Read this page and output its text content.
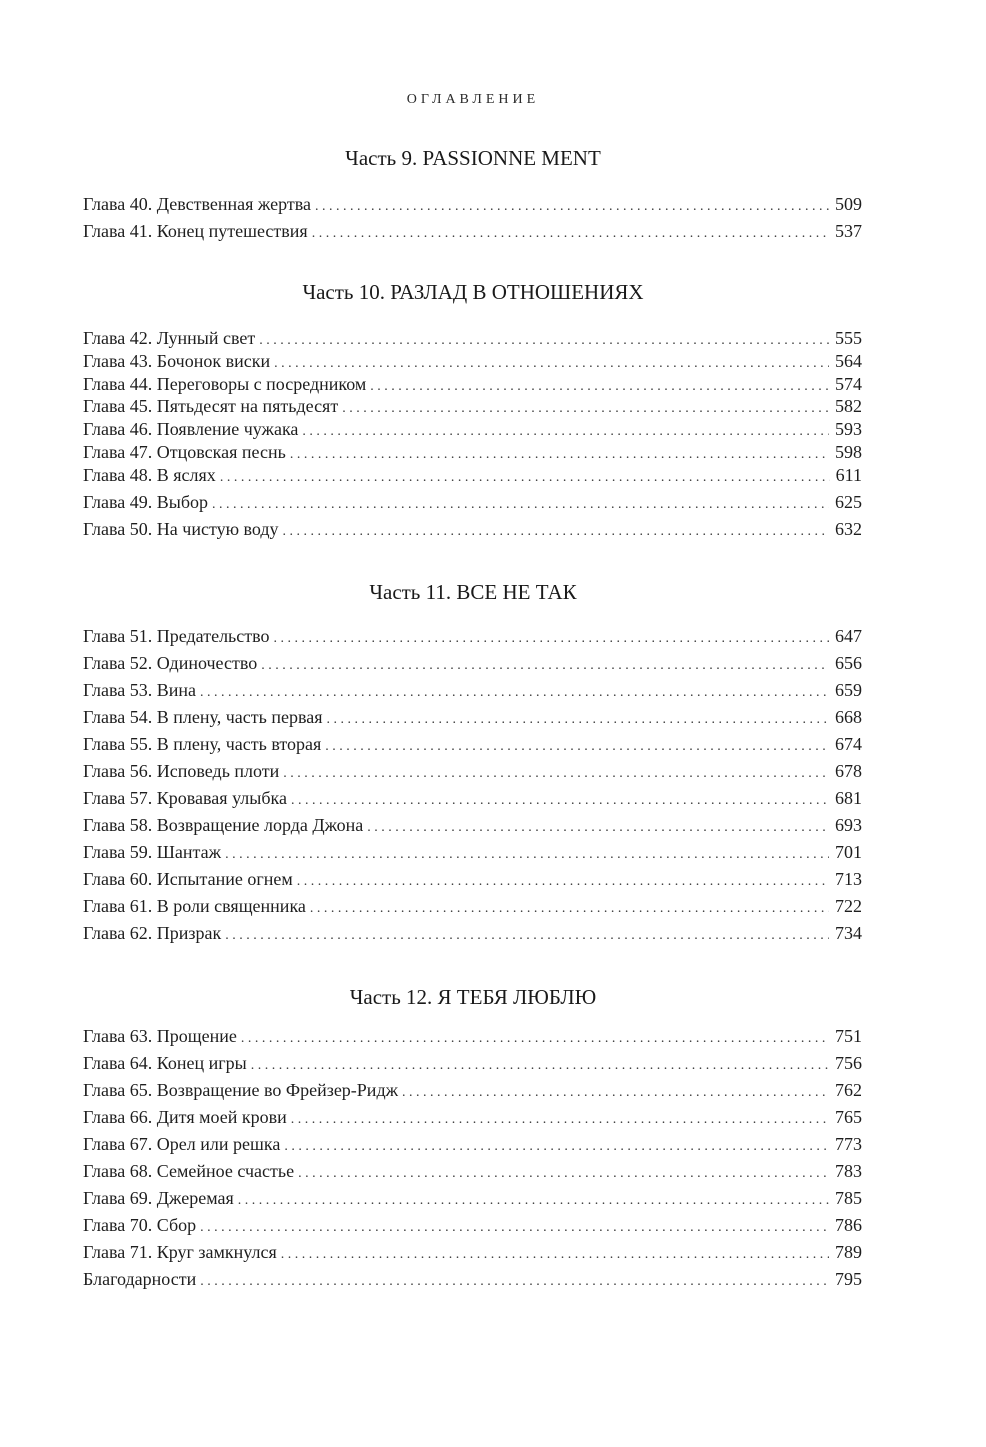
ОГЛАВЛЕНИЕ
Часть 9. PASSIONNE MENT
Глава 40. Девственная жертва . . .	509
Глава 41. Конец путешествия . . .	537
Часть 10. РАЗЛАД В ОТНОШЕНИЯХ
Глава 42. Лунный свет . . .	555
Глава 43. Бочонок виски . . .	564
Глава 44. Переговоры с посредником . . .	574
Глава 45. Пятьдесят на пятьдесят . . .	582
Глава 46. Появление чужака . . .	593
Глава 47. Отцовская песнь . . .	598
Глава 48. В яслях . . .	611
Глава 49. Выбор . . .	625
Глава 50. На чистую воду . . .	632
Часть 11. ВСЕ НЕ ТАК
Глава 51. Предательство . . .	647
Глава 52. Одиночество . . .	656
Глава 53. Вина . . .	659
Глава 54. В плену, часть первая . . .	668
Глава 55. В плену, часть вторая . . .	674
Глава 56. Исповедь плоти . . .	678
Глава 57. Кровавая улыбка . . .	681
Глава 58. Возвращение лорда Джона . . .	693
Глава 59. Шантаж . . .	701
Глава 60. Испытание огнем . . .	713
Глава 61. В роли священника . . .	722
Глава 62. Призрак . . .	734
Часть 12. Я ТЕБЯ ЛЮБЛЮ
Глава 63. Прощение . . .	751
Глава 64. Конец игры . . .	756
Глава 65. Возвращение во Фрейзер-Ридж . . .	762
Глава 66. Дитя моей крови . . .	765
Глава 67. Орел или решка . . .	773
Глава 68. Семейное счастье . . .	783
Глава 69. Джеремая . . .	785
Глава 70. Сбор . . .	786
Глава 71. Круг замкнулся . . .	789
Благодарности . . .	795
